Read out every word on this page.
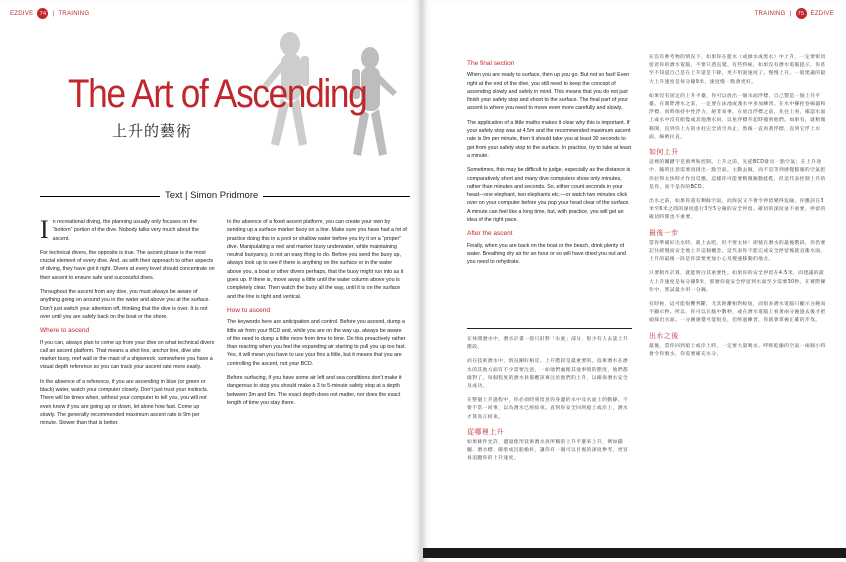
EZDIVE	74	| TRAINING
The Art of Ascending
上升的藝術
Text | Simon Pridmore

In recreational diving, the planning usually only focuses on the “bottom” portion of the dive. Nobody talks very much about the ascent.

For technical divers, the opposite is true. The ascent phase is the most crucial element of every dive. And, as with their approach to other aspects of diving, they have got it right. Divers at every level should concentrate on their ascent to ensure safe and successful dives.

Throughout the ascent from any dive, you must always be aware of anything going on around you in the water and above you at the surface. Don’t just switch your attention off, thinking that the dive is over. It is not over until you are safely back on the boat or the shore.

Where to ascend

If you can, always plan to come up from your dive on what technical divers call an ascent platform. That means a shot line, anchor line, dive site marker buoy, reef wall or the mast of a shipwreck: somewhere you have a visual depth reference so you can track your ascent rate more easily.

In the absence of a reference, if you are ascending in blue (or green or black) water, watch your computer closely. Don’t just trust your instincts. There will be times when, without your computer to tell you, you will not even know if you are going up or down, let alone how fast. Come up slowly. The generally recommended maximum ascent rate is 9m per minute. Slower than that is better.

In the absence of a fixed ascent platform, you can create your own by sending up a surface marker buoy on a line. Make sure you have had a lot of practice doing this in a pool or shallow water before you try it on a “proper” dive. Manipulating a reel and marker buoy underwater, while maintaining neutral buoyancy, is not an easy thing to do. Before you send the buoy up, always look up to see if there is anything on the surface or in the water above you, a boat or other divers perhaps, that the buoy might run into as it goes up. If there is, move away a little until the water column above you is completely clear. Then watch the buoy all the way, until it is on the surface and the line is tight and vertical.

How to ascend

The keywords here are anticipation and control. Before you ascend, dump a little air from your BCD and, while you are on the way up, always be aware of the need to dump a little more from time to time. Do this proactively rather than reacting when you feel the expanding air starting to pull you up too fast. Yes, it will mean you have to use your fins a little, but it means that you are controlling the ascent, not your BCD.

Before surfacing, if you have some air left and sea conditions don’t make it dangerous to stop you should make a 3 to 5-minute safety stop at a depth between 3m and 6m. The exact depth does not matter, nor does the exact length of time you stay there.

TRAINING |	75	EZDIVE
The final section

When you are ready to surface, then up you go. But not so fast! Even right at the end of the dive, you still need to keep the concept of ascending slowly and safely in mind. This means that you do not just finish your safety stop and shoot to the surface. The final part of your ascent is where you need to move even more carefully and slowly.

The application of a little maths makes it clear why this is important. If your safety stop was at 4.5m and the recommended maximum ascent rate is 9m per minute, then it should take you at least 30 seconds to get from your safety stop to the surface. In practice, try to take at least a minute.

Sometimes, this may be difficult to judge, especially as the distance is comparatively short and many dive computers show only minutes, rather than minutes and seconds. So, either count seconds in your head—one elephant, two elephants etc.—or watch two minutes click over on your computer before you pop your head clear of the surface. A minute can feel like a long time, but, with practice, you will get an idea of the right pace.

After the ascent

Finally, when you are back on the boat or the beach, drink plenty of water. Breathing dry air for an hour or so will have dried you out and you need to rehydrate.

在休閒潛水中，潛水計畫一般只針對「水底」部分，很少有人去談上升階段。

而在技術潛水中，情況剛好相反。上升階段是最重要的。技術潛水在潛水的其他方面有不少需要注意，一如他們處理其他事情的態度，他們都做對了。每個程度的潛水員都應該專注於他們的上升，以確保潛水安全及成功。

在整個上升過程中，你必須時刻留意你身邊的水中及水面上的動靜。不要不當一回事，以為潛水已經結束。直到你安全回到船上或岸上，潛水才算真正結束。

從哪裡上升

如果條件允許，儘量使用技術潛水員所稱的上升平臺來上升，例如錨繩、潛水標、礁壁或沉船桅杆，讓你有一個可以目視的深度參考，更容易追蹤你的上升速度。

在沒有參考物的情況下，如果你在藍水（或綠水或黑水）中上升，一定要密切留意你的潛水電腦，不要只憑直覺。有些時候，如果沒有潛水電腦提示，你甚至不知道自己是在上升還是下降，更不用說速度了。慢慢上升。一般建議的最大上升速度是每分鐘9米，速度慢一點會更好。

如果沒有固定的上升平臺，你可以放出一個水面浮標，自己製造一個上升平臺。在實際潛水之前，一定要在泳池或淺水中多加練習。在水中操控卷線器和浮標，同時保持中性浮力，絕非易事。在放出浮標之前，先往上看，確認水面上或水中沒有船隻或其他潛水員，以免浮標升起時撞到他們。如果有，就稍微移開，直到你上方的水柱完全清空為止，然後一直看著浮標，直到它浮上水面，線被拉直。

如何上升

這裡的關鍵字是預判和控制。上升之前，先從BCD排出一點空氣；在上升途中，隨時注意需要再排出一點空氣。主動去做，而不是等到感覺膨脹的空氣把你拉得太快時才作出反應。這樣你可能要稍微踢動蛙鞋，但這代表控制上升的是你，而不是你的BCD。

出水之前，如果你還有剩餘空氣，而海況又不會令停留變得危險，你應該在3米至6米之間的深度進行3至5分鐘的安全停留。確切的深度並不重要，停留的確切時間也不重要。

最後一步

當你準備好出水時，就上去吧。但不要太快！即使在潛水的最後階段，你仍要記住緩慢而安全地上升這個概念。這代表你不能完成安全停留後就直衝水面。上升的最後一段是你需要更加小心及慢速移動的地方。

只要稍作計算，就能明白其重要性。如果你的安全停留在4.5米，而建議的最大上升速度是每分鐘9米，那麼你從安全停留到水面至少需要30秒。在實際操作中，嘗試最少用一分鐘。

有時候，這可能很難判斷，尤其距離相對較短，而很多潛水電腦只顯示分鐘而不顯示秒。所以，你可以在腦中數秒，或在潛水電腦上看著兩分鐘過去後才把頭探出水面。一分鐘感覺可能很長，但經過練習，你就會掌握正確的步伐。

出水之後

最後，當你回到船上或岸上時，一定要大量喝水。呼吸乾燥的空氣一兩個小時會令你脫水，你需要補充水分。
